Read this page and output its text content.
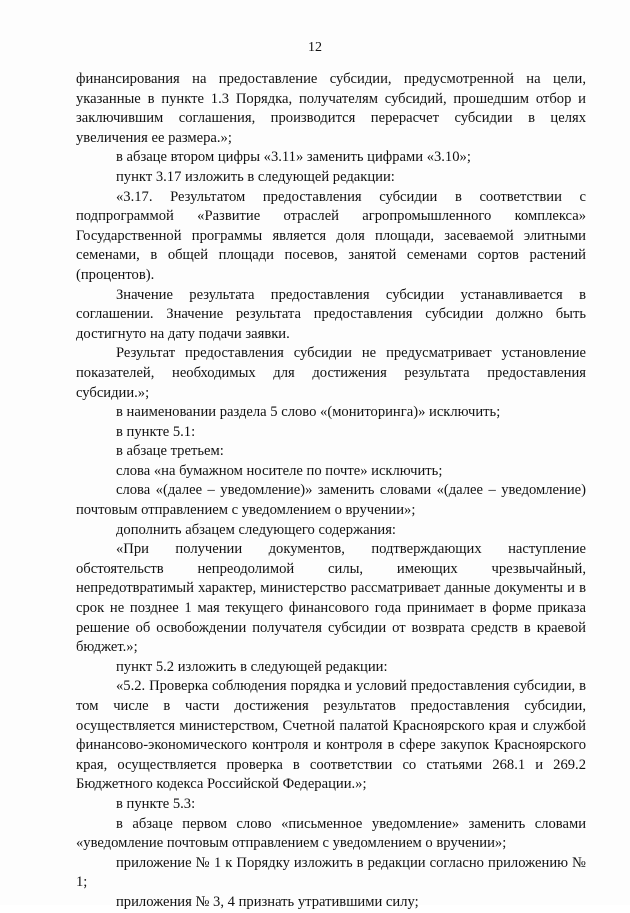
12

финансирования на предоставление субсидии, предусмотренной на цели, указанные в пункте 1.3 Порядка, получателям субсидий, прошедшим отбор и заключившим соглашения, производится перерасчет субсидии в целях увеличения ее размера.»;

в абзаце втором цифры «3.11» заменить цифрами «3.10»;

пункт 3.17 изложить в следующей редакции:

«3.17. Результатом предоставления субсидии в соответствии с подпрограммой «Развитие отраслей агропромышленного комплекса» Государственной программы является доля площади, засеваемой элитными семенами, в общей площади посевов, занятой семенами сортов растений (процентов).

Значение результата предоставления субсидии устанавливается в соглашении. Значение результата предоставления субсидии должно быть достигнуто на дату подачи заявки.

Результат предоставления субсидии не предусматривает установление показателей, необходимых для достижения результата предоставления субсидии.»;

в наименовании раздела 5 слово «(мониторинга)» исключить;

в пункте 5.1:

в абзаце третьем:

слова «на бумажном носителе по почте» исключить;

слова «(далее – уведомление)» заменить словами «(далее – уведомление) почтовым отправлением с уведомлением о вручении»;

дополнить абзацем следующего содержания:

«При получении документов, подтверждающих наступление обстоятельств непреодолимой силы, имеющих чрезвычайный, непредотвратимый характер, министерство рассматривает данные документы и в срок не позднее 1 мая текущего финансового года принимает в форме приказа решение об освобождении получателя субсидии от возврата средств в краевой бюджет.»;

пункт 5.2 изложить в следующей редакции:

«5.2. Проверка соблюдения порядка и условий предоставления субсидии, в том числе в части достижения результатов предоставления субсидии, осуществляется министерством, Счетной палатой Красноярского края и службой финансово-экономического контроля и контроля в сфере закупок Красноярского края, осуществляется проверка в соответствии со статьями 268.1 и 269.2 Бюджетного кодекса Российской Федерации.»;

в пункте 5.3:

в абзаце первом слово «письменное уведомление» заменить словами «уведомление почтовым отправлением с уведомлением о вручении»;

приложение № 1 к Порядку изложить в редакции согласно приложению № 1;

приложения № 3, 4 признать утратившими силу;
